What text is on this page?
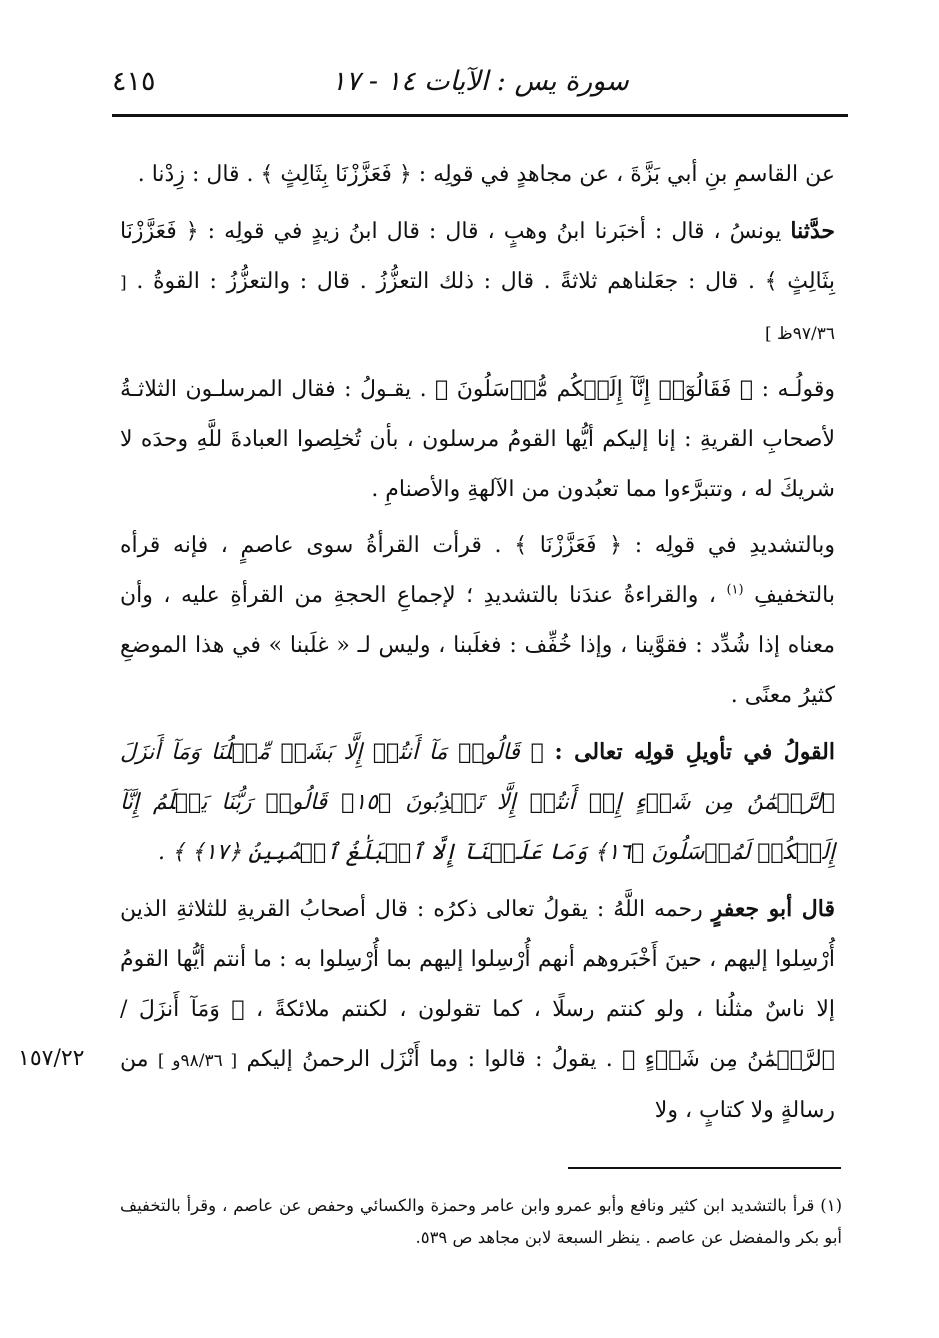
سورة يس : الآيات ١٤ - ١٧
٤١٥

عن القاسمِ بنِ أبي بَزَّةَ ، عن مجاهدٍ في قولِه : ﴿ فَعَزَّزْنَا بِثَالِثٍ ﴾ . قال : زِدْنا .

حدَّثنا يونسُ ، قال : أخبَرنا ابنُ وهبٍ ، قال : قال ابنُ زيدٍ في قولِه : ﴿ فَعَزَّزْنَا بِثَالِثٍ ﴾ . قال : جعَلناهم ثلاثةً . قال : ذلك التعزُّزُ . قال : والتعزُّزُ : القوةُ . [ ٩٧/٣٦ظ ]

وقولُـه : ﴿ فَقَالُوٓا۟ إِنَّآ إِلَيۡكُم مُّرۡسَلُونَ ﴾ . يقـولُ : فقال المرسلـون الثلاثـةُ لأصحابِ القريةِ : إنا إليكم أيُّها القومُ مرسلون ، بأن تُخلِصوا العبادةَ للَّهِ وحدَه لا شريكَ له ، وتتبرَّءوا مما تعبُدون من الآلهةِ والأصنامِ .

وبالتشديدِ في قولِه : ﴿ فَعَزَّزْنَا ﴾ . قرأت القرأةُ سوى عاصمٍ ، فإنه قرأه بالتخفيفِ $^{(١)}$ ، والقراءةُ عندَنا بالتشديدِ ؛ لإجماعِ الحجةِ من القرأةِ عليه ، وأن معناه إذا شُدِّد : فقوَّينا ، وإذا خُفِّف : فغلَبنا ، وليس لـ « غلَبنا » في هذا الموضعِ كثيرُ معنًى .

القولُ في تأويلِ قولِه تعالى : ﴿ قَالُوا۟ مَآ أَنتُمۡ إِلَّا بَشَرٞ مِّثۡلُنَا وَمَآ أَنزَلَ ٱلرَّحۡمَٰنُ مِن شَيۡءٍ إِنۡ أَنتُمۡ إِلَّا تَكۡذِبُونَ ﴿١٥﴾ قَالُوا۟ رَبُّنَا يَعۡلَمُ إِنَّآ إِلَيۡكُمۡ لَمُرۡسَلُونَ ﴿١٦﴾ وَمَا عَلَيۡنَآ إِلَّا ٱلۡبَلَٰغُ ٱلۡمُبِينُ ﴿١٧﴾ ﴾ .

قال أبو جعفرٍ رحمه اللَّهُ : يقولُ تعالى ذكرُه : قال أصحابُ القريةِ للثلاثةِ الذين أُرْسِلوا إليهم ، حينَ أَخْبَروهم أنهم أُرْسِلوا إليهم بما أُرْسِلوا به : ما أنتم أيُّها القومُ إلا ناسٌ مثلُنا ، ولو كنتم رسلًا ، كما تقولون ، لكنتم ملائكةً ، ﴿ وَمَآ أَنزَلَ / ٱلرَّحۡمَٰنُ مِن شَيۡءٍ ﴾ . يقولُ : قالوا : وما أَنْزَل الرحمنُ إليكم [ ٩٨/٣٦و ] من رسالةٍ ولا كتابٍ ، ولا

١٥٧/٢٢

(١) قرأ بالتشديد ابن كثير ونافع وأبو عمرو وابن عامر وحمزة والكسائي وحفص عن عاصم ، وقرأ بالتخفيف أبو بكر والمفضل عن عاصم . ينظر السبعة لابن مجاهد ص ٥٣٩.
